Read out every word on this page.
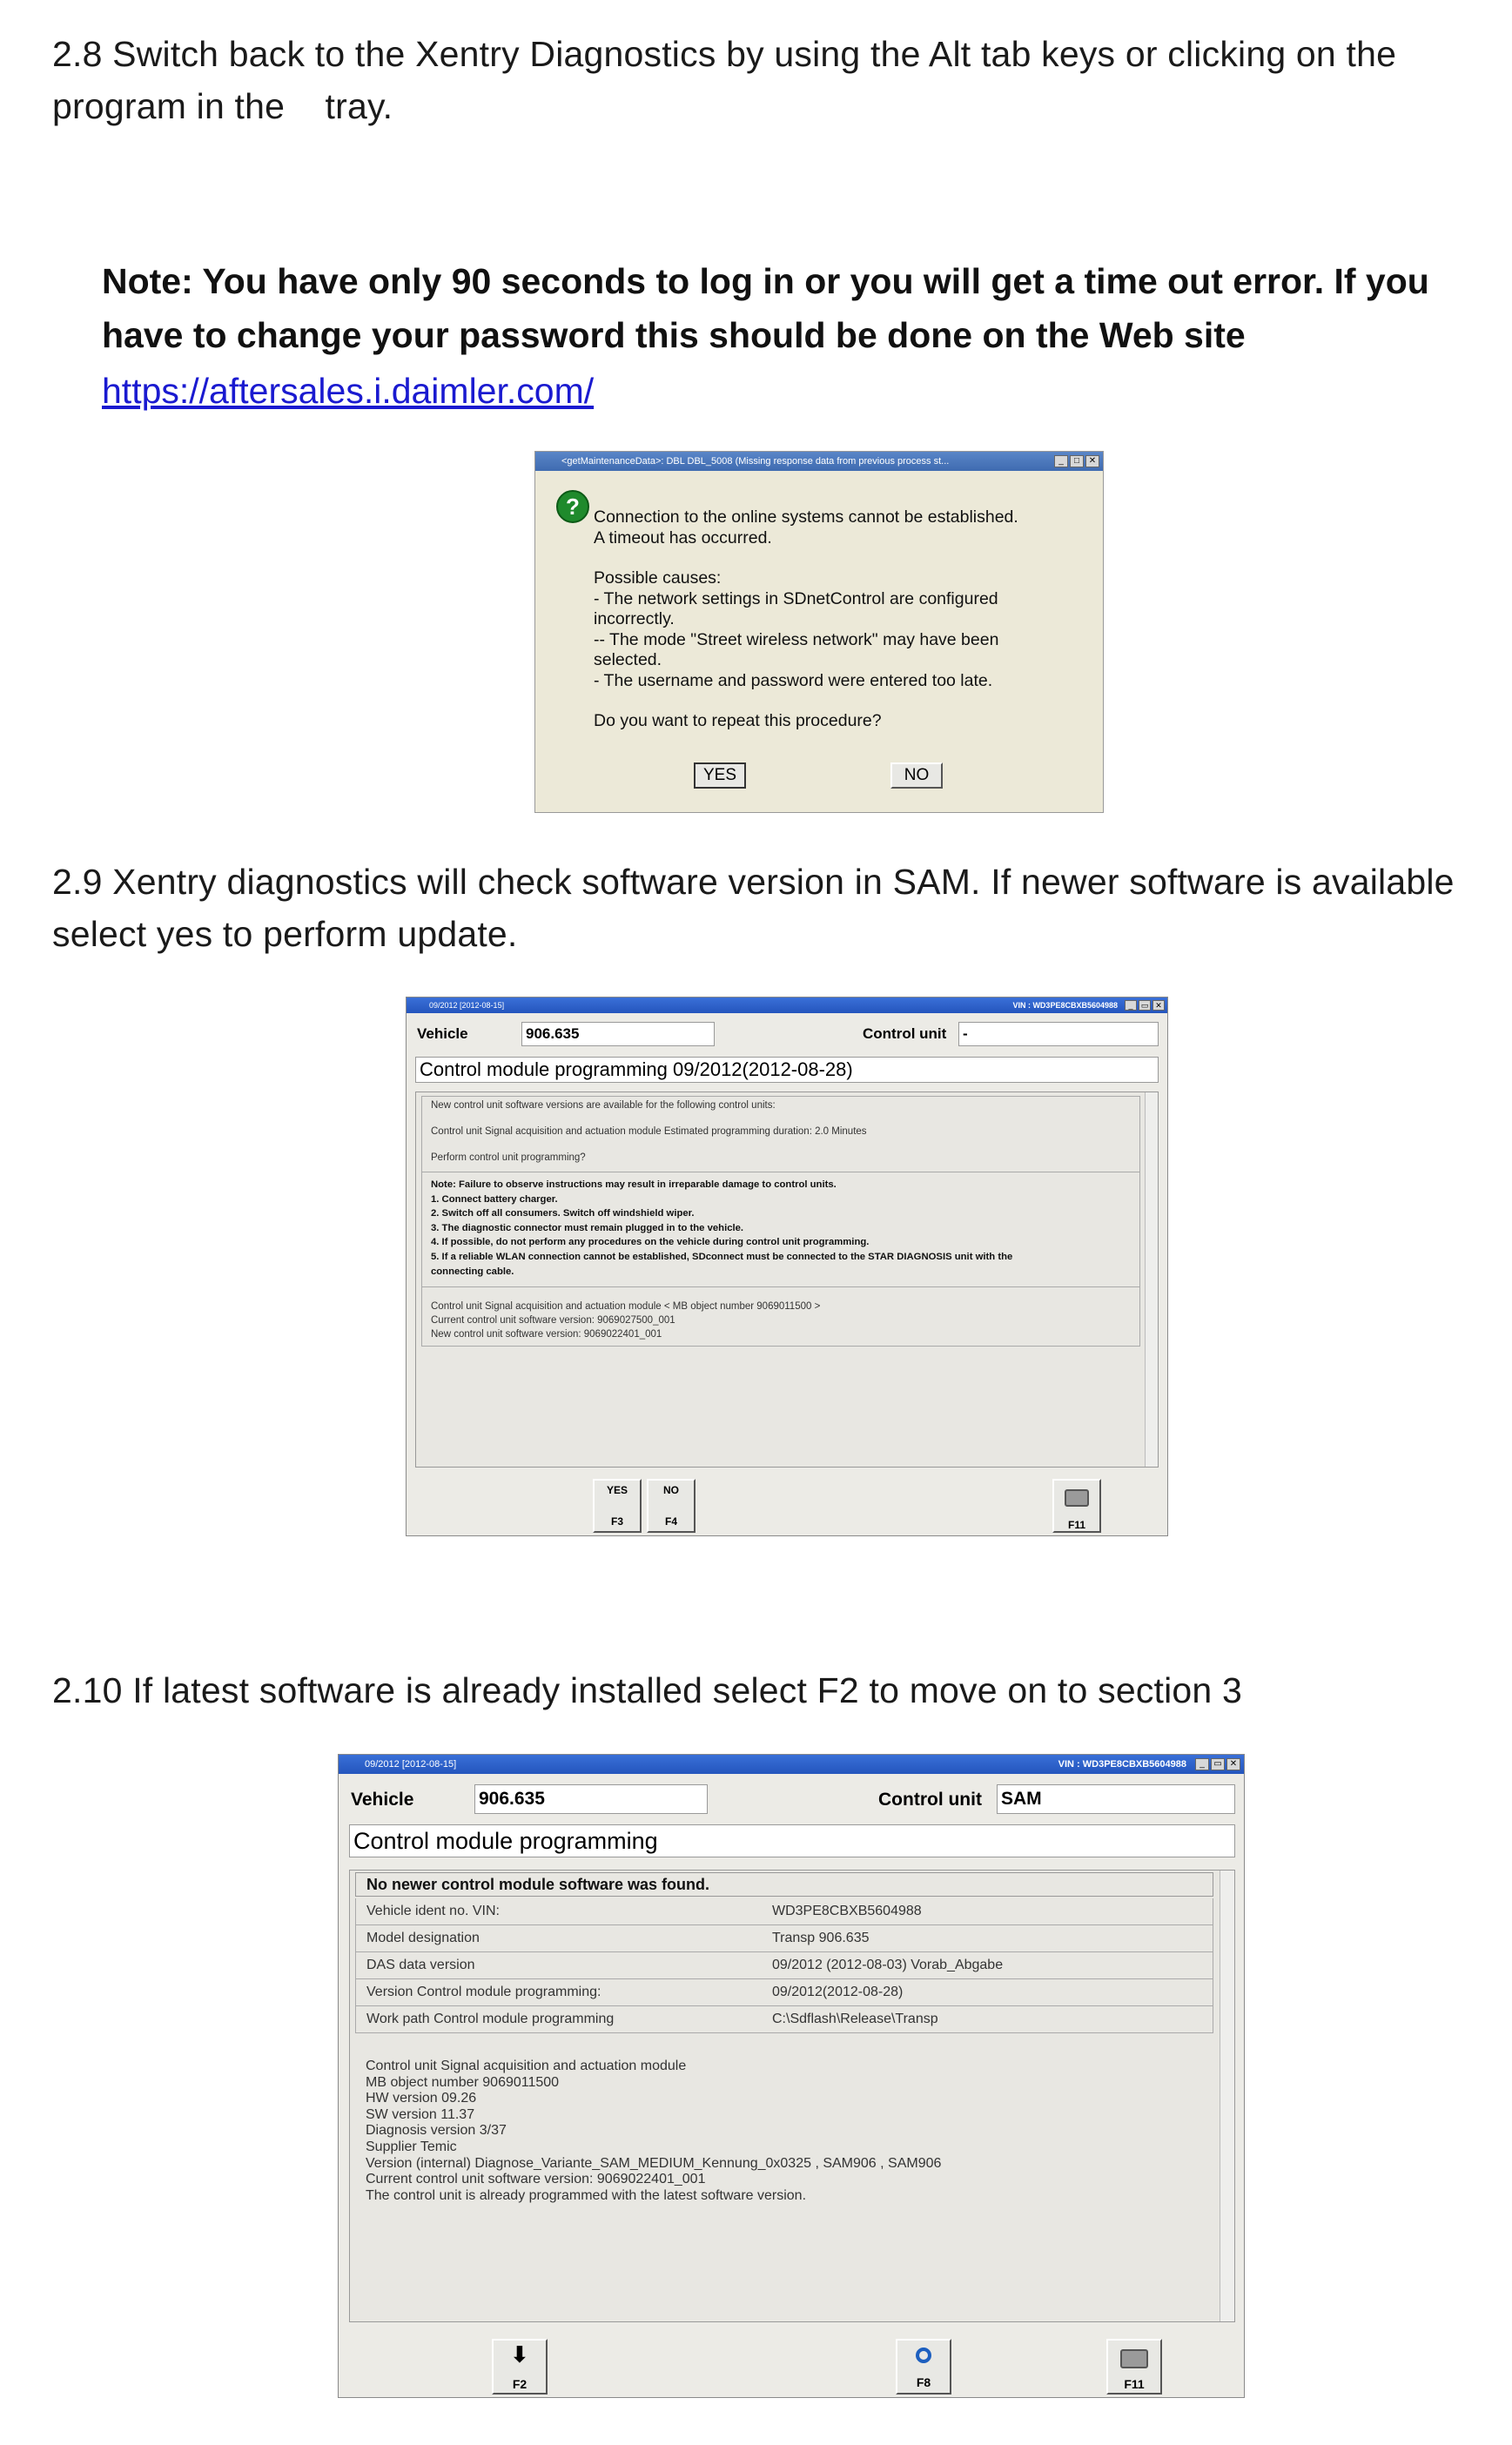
2.8 Switch back to the Xentry Diagnostics by using the Alt tab keys or clicking on the
program in the    tray.
Note: You have only 90 seconds to log in or you will get a time out error. If you have to change your password this should be done on the Web site
https://aftersales.i.daimler.com/
<getMaintenanceData>: DBL DBL_5008 (Missing response data from previous process st...	_	□	✕
? Connection to the online systems cannot be established.
A timeout has occurred.
Possible causes:
- The network settings in SDnetControl are configured
incorrectly.
-- The mode "Street wireless network" may have been
selected.
- The username and password were entered too late.
Do you want to repeat this procedure?
YES	NO
2.9 Xentry diagnostics will check software version in SAM. If newer software is available
select yes to perform update.
09/2012 [2012-08-15]	VIN : WD3PE8CBXB5604988	_	▭ ✕
Vehicle	906.635	Control unit -
Control module programming 09/2012(2012-08-28)
New control unit software versions are available for the following control units:
Control unit Signal acquisition and actuation module Estimated programming duration: 2.0 Minutes
Perform control unit programming?
Note: Failure to observe instructions may result in irreparable damage to control units.
1. Connect battery charger.
2. Switch off all consumers. Switch off windshield wiper.
3. The diagnostic connector must remain plugged in to the vehicle.
4. If possible, do not perform any procedures on the vehicle during control unit programming.
5. If a reliable WLAN connection cannot be established, SDconnect must be connected to the STAR DIAGNOSIS unit with the
connecting cable.
Control unit Signal acquisition and actuation module < MB object number 9069011500 >
Current control unit software version: 9069027500_001
New control unit software version: 9069022401_001
YES
F3
NO
F4	F11
2.10 If latest software is already installed select F2 to move on to section 3
09/2012 [2012-08-15]	VIN : WD3PE8CBXB5604988	_	▭ ✕
Vehicle	906.635	Control unit SAM
Control module programming
No newer control module software was found.
Vehicle ident no. VIN:	WD3PE8CBXB5604988
Model designation	Transp 906.635
DAS data version	09/2012 (2012-08-03) Vorab_Abgabe
Version Control module programming:	09/2012(2012-08-28)
Work path Control module programming	C:\Sdflash\Release\Transp
Control unit Signal acquisition and actuation module
MB object number 9069011500
HW version 09.26
SW version 11.37
Diagnosis version 3/37
Supplier Temic
Version (internal) Diagnose_Variante_SAM_MEDIUM_Kennung_0x0325 , SAM906 , SAM906
Current control unit software version: 9069022401_001
The control unit is already programmed with the latest software version.
⬇
F2	F8	F11
